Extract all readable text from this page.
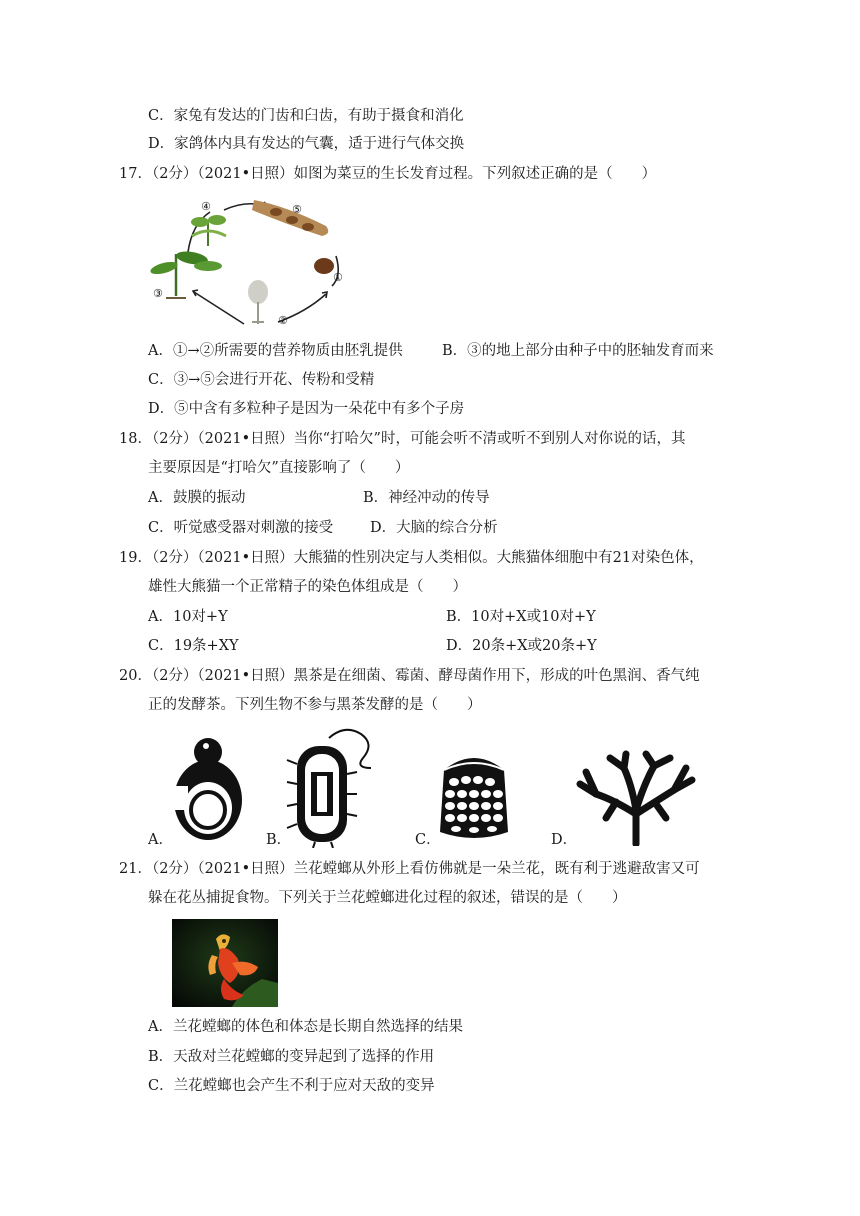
C．家兔有发达的门齿和臼齿，有助于摄食和消化
D．家鸽体内具有发达的气囊，适于进行气体交换
17．（2分）（2021•日照）如图为菜豆的生长发育过程。下列叙述正确的是（　　）
④	⑤
①
②
③
A．①→②所需要的营养物质由胚乳提供	B．③的地上部分由种子中的胚轴发育而来
C．③→⑤会进行开花、传粉和受精
D．⑤中含有多粒种子是因为一朵花中有多个子房
18．（2分）（2021•日照）当你“打哈欠”时，可能会听不清或听不到别人对你说的话，其
主要原因是“打哈欠”直接影响了（　　）
A．鼓膜的振动	B．神经冲动的传导
C．听觉感受器对刺激的接受	D．大脑的综合分析
19．（2分）（2021•日照）大熊猫的性别决定与人类相似。大熊猫体细胞中有21对染色体，
雄性大熊猫一个正常精子的染色体组成是（　　）
A．10对+Y	B．10对+X或10对+Y
C．19条+XY	D．20条+X或20条+Y
20．（2分）（2021•日照）黑茶是在细菌、霉菌、酵母菌作用下，形成的叶色黑润、香气纯
正的发酵茶。下列生物不参与黑茶发酵的是（　　）
A．	B．	C．	D．
21．（2分）（2021•日照）兰花螳螂从外形上看仿佛就是一朵兰花，既有利于逃避敌害又可
躲在花丛捕捉食物。下列关于兰花螳螂进化过程的叙述，错误的是（　　）
A．兰花螳螂的体色和体态是长期自然选择的结果
B．天敌对兰花螳螂的变异起到了选择的作用
C．兰花螳螂也会产生不利于应对天敌的变异
